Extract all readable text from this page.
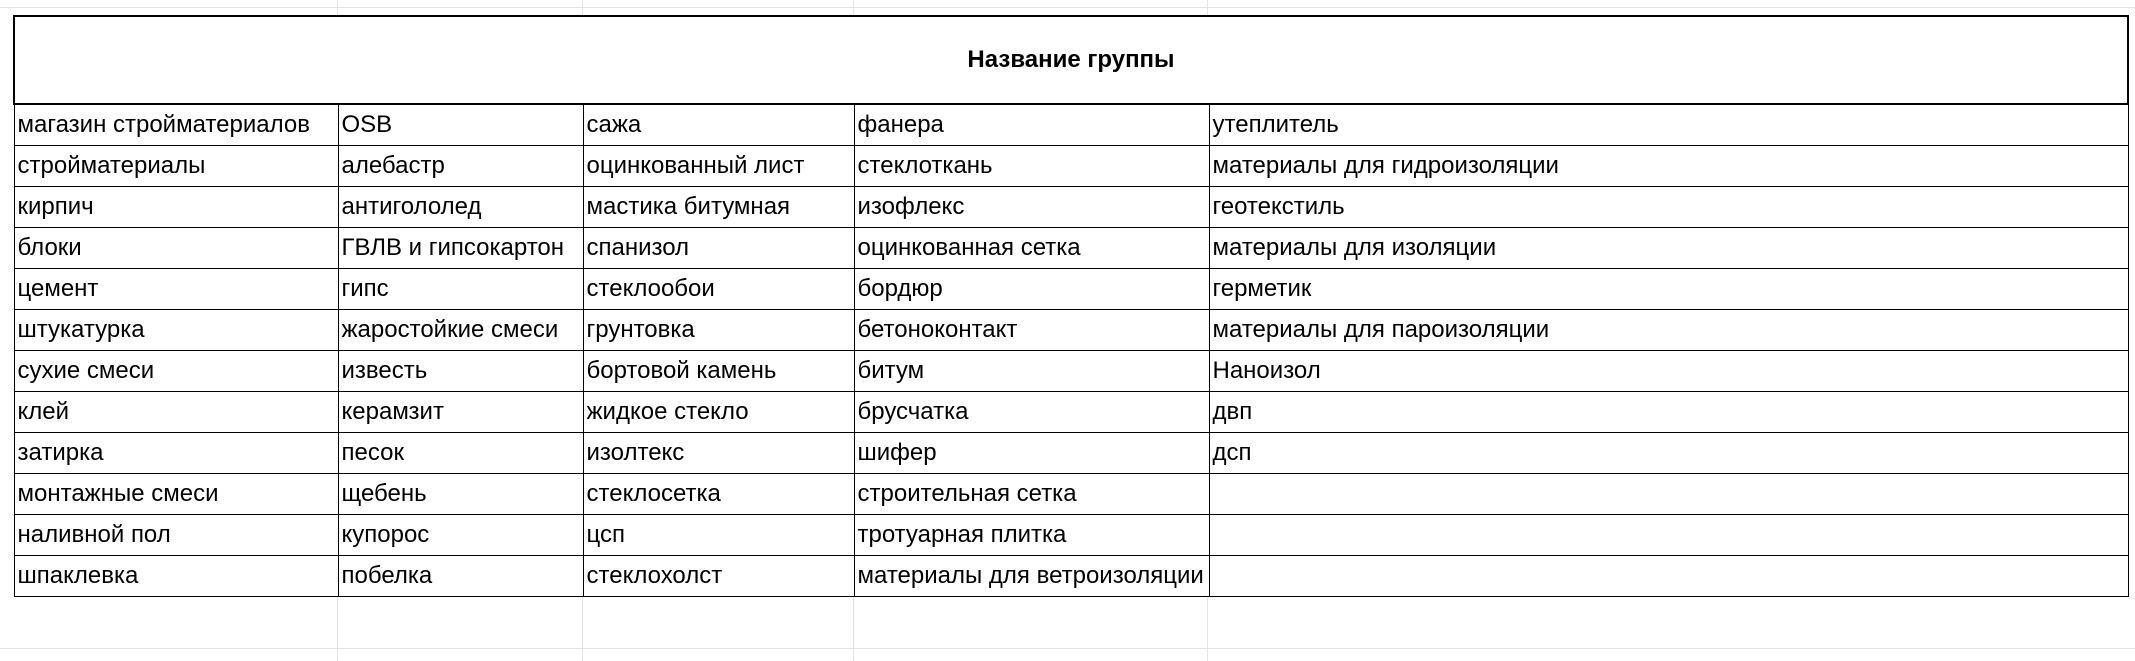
Название группы				
магазин стройматериалов	OSB	сажа	фанера	утеплитель
стройматериалы	алебастр	оцинкованный лист	стеклоткань	материалы для гидроизоляции
кирпич	антигололед	мастика битумная	изофлекс	геотекстиль
блоки	ГВЛВ и гипсокартон	спанизол	оцинкованная сетка	материалы для изоляции
цемент	гипс	стеклообои	бордюр	герметик
штукатурка	жаростойкие смеси	грунтовка	бетоноконтакт	материалы для пароизоляции
сухие смеси	известь	бортовой камень	битум	Наноизол
клей	керамзит	жидкое стекло	брусчатка	двп
затирка	песок	изолтекс	шифер	дсп
монтажные смеси	щебень	стеклосетка	строительная сетка	
наливной пол	купорос	цсп	тротуарная плитка	
шпаклевка	побелка	стеклохолст	материалы для ветроизоляции	
